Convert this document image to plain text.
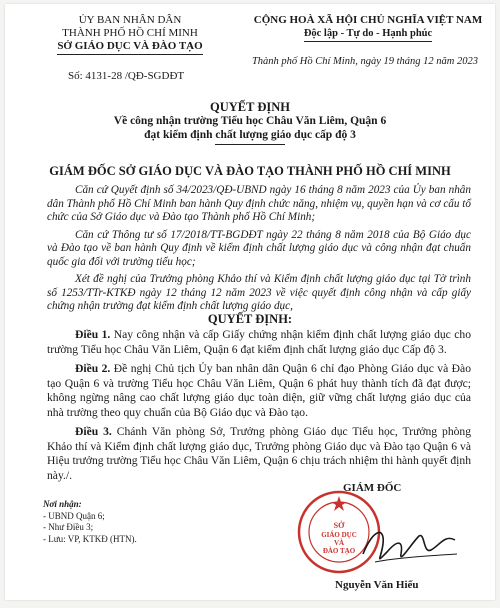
ỦY BAN NHÂN DÂN
THÀNH PHỐ HỒ CHÍ MINH
SỞ GIÁO DỤC VÀ ĐÀO TẠO
CỘNG HOÀ XÃ HỘI CHỦ NGHĨA VIỆT NAM
Độc lập - Tự do - Hạnh phúc
Thành phố Hồ Chí Minh, ngày 19 tháng 12 năm 2023
Số: 4131-28 /QĐ-SGDĐT
QUYẾT ĐỊNH
Về công nhận trường Tiểu học Châu Văn Liêm, Quận 6
đạt kiểm định chất lượng giáo dục cấp độ 3
GIÁM ĐỐC SỞ GIÁO DỤC VÀ ĐÀO TẠO THÀNH PHỐ HỒ CHÍ MINH

Căn cứ Quyết định số 34/2023/QĐ-UBND ngày 16 tháng 8 năm 2023 của Ủy ban nhân dân Thành phố Hồ Chí Minh ban hành Quy định chức năng, nhiệm vụ, quyền hạn và cơ cấu tổ chức của Sở Giáo dục và Đào tạo Thành phố Hồ Chí Minh;

Căn cứ Thông tư số 17/2018/TT-BGDĐT ngày 22 tháng 8 năm 2018 của Bộ Giáo dục và Đào tạo về ban hành Quy định về kiểm định chất lượng giáo dục và công nhận đạt chuẩn quốc gia đối với trường tiểu học;

Xét đề nghị của Trưởng phòng Khảo thí và Kiểm định chất lượng giáo dục tại Tờ trình số 1253/TTr-KTKĐ ngày 12 tháng 12 năm 2023 về việc quyết định công nhận và cấp giấy chứng nhận trường đạt kiểm định chất lượng giáo dục,

QUYẾT ĐỊNH:

Điều 1. Nay công nhận và cấp Giấy chứng nhận kiểm định chất lượng giáo dục cho trường Tiểu học Châu Văn Liêm, Quận 6 đạt kiểm định chất lượng giáo dục Cấp độ 3.

Điều 2. Đề nghị Chủ tịch Ủy ban nhân dân Quận 6 chỉ đạo Phòng Giáo dục và Đào tạo Quận 6 và trường Tiểu học Châu Văn Liêm, Quận 6 phát huy thành tích đã đạt được; không ngừng nâng cao chất lượng giáo dục toàn diện, giữ vững chất lượng giáo dục của nhà trường theo quy chuẩn của Bộ Giáo dục và Đào tạo.

Điều 3. Chánh Văn phòng Sở, Trưởng phòng Giáo dục Tiểu học, Trưởng phòng Khảo thí và Kiểm định chất lượng giáo dục, Trưởng phòng Giáo dục và Đào tạo Quận 6 và Hiệu trưởng trường Tiểu học Châu Văn Liêm, Quận 6 chịu trách nhiệm thi hành quyết định này./.

Nơi nhận:
- UBND Quận 6;
- Như Điều 3;
- Lưu: VP, KTKĐ (HTN).
SỞ
GIÁO DỤC
VÀ
ĐÀO TẠO
GIÁM ĐỐC
Nguyễn Văn Hiếu
